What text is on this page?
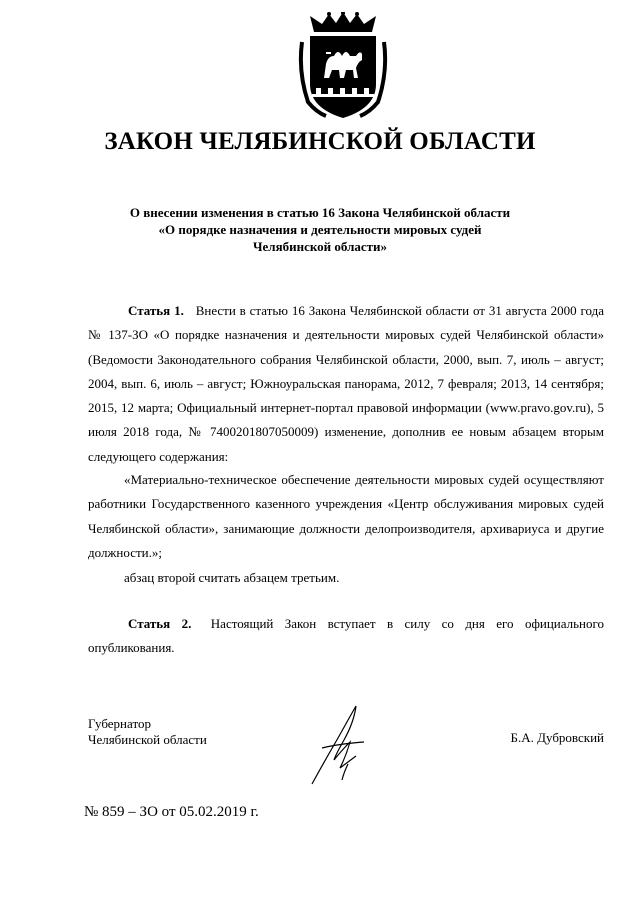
ЗАКОН ЧЕЛЯБИНСКОЙ ОБЛАСТИ
О внесении изменения в статью 16 Закона Челябинской области
«О порядке назначения и деятельности мировых судей
Челябинской области»
Статья 1. Внести в статью 16 Закона Челябинской области от 31 августа 2000 года № 137-ЗО «О порядке назначения и деятельности мировых судей Челябинской области» (Ведомости Законодательного собрания Челябинской области, 2000, вып. 7, июль – август; 2004, вып. 6, июль – август; Южноуральская панорама, 2012, 7 февраля; 2013, 14 сентября; 2015, 12 марта; Официальный интернет-портал правовой информации (www.pravo.gov.ru), 5 июля 2018 года, № 7400201807050009) изменение, дополнив ее новым абзацем вторым следующего содержания:
«Материально-техническое обеспечение деятельности мировых судей осуществляют работники Государственного казенного учреждения «Центр обслуживания мировых судей Челябинской области», занимающие должности делопроизводителя, архивариуса и другие должности.»;
абзац второй считать абзацем третьим.
Статья 2. Настоящий Закон вступает в силу со дня его официального опубликования.
Губернатор
Челябинской области	Б.А. Дубровский
№ 859 – ЗО от 05.02.2019 г.
